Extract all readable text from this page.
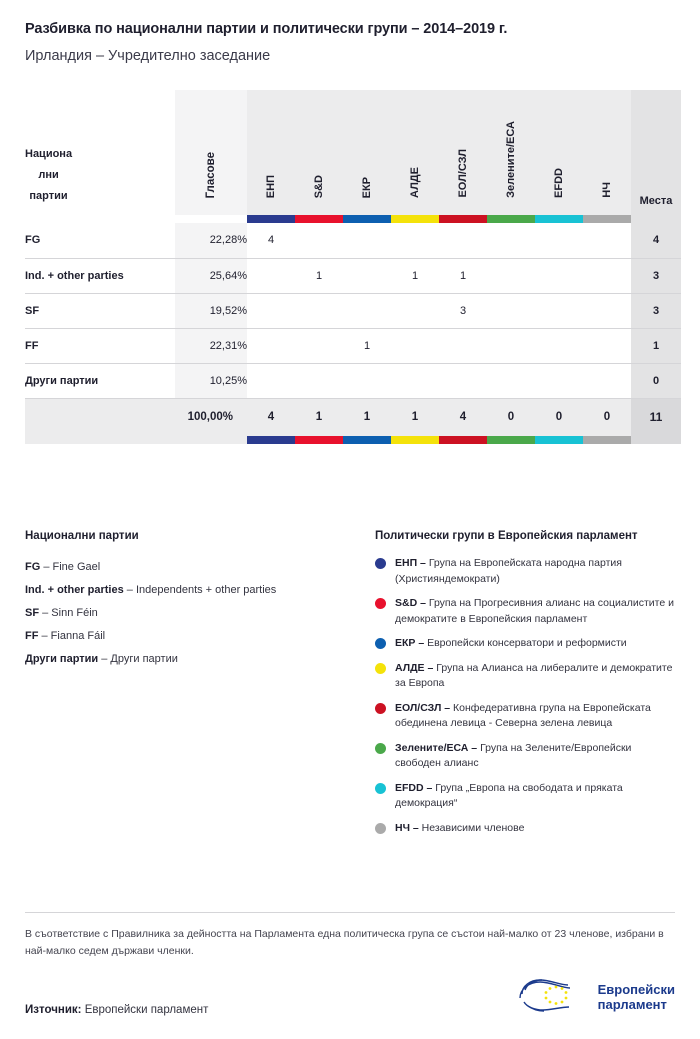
Разбивка по национални партии и политически групи – 2014–2019 г.
Ирландия – Учредително заседание
Национа
лни
партии	Гласове	ЕНП	S&D	ЕКР	АЛДЕ	ЕОЛ/СЗЛ	Зелените/ЕСА	EFDD	НЧ	Места

FG	22,28%	4								4
Ind. + other parties	25,64%		1		1	1				3
SF	19,52%					3				3
FF	22,31%			1						1
Други партии	10,25%									0
	100,00%	4	1	1	1	4	0	0	0	11

Национални партии
FG – Fine Gael
Ind. + other parties – Independents + other parties
SF – Sinn Féin
FF – Fianna Fáil
Други партии – Други партии
Политически групи в Европейския парламент
ЕНП – Група на Европейската народна партия (Християндемократи)
S&D – Група на Прогресивния алианс на социалистите и демократите в Европейския парламент
ЕКР – Европейски консерватори и реформисти
АЛДЕ – Група на Алианса на либералите и демократите за Европа
ЕОЛ/СЗЛ – Конфедеративна група на Европейската обединена левица - Северна зелена левица
Зелените/ЕСА – Група на Зелените/Европейски свободен алианс
EFDD – Група „Европа на свободата и пряката демокрация“
НЧ – Независими членове
В съответствие с Правилника за дейността на Парламента една политическа група се състои най-малко от 23 членове, избрани в най-малко седем държави членки.
Източник: Европейски парламент
Европейски
парламент
